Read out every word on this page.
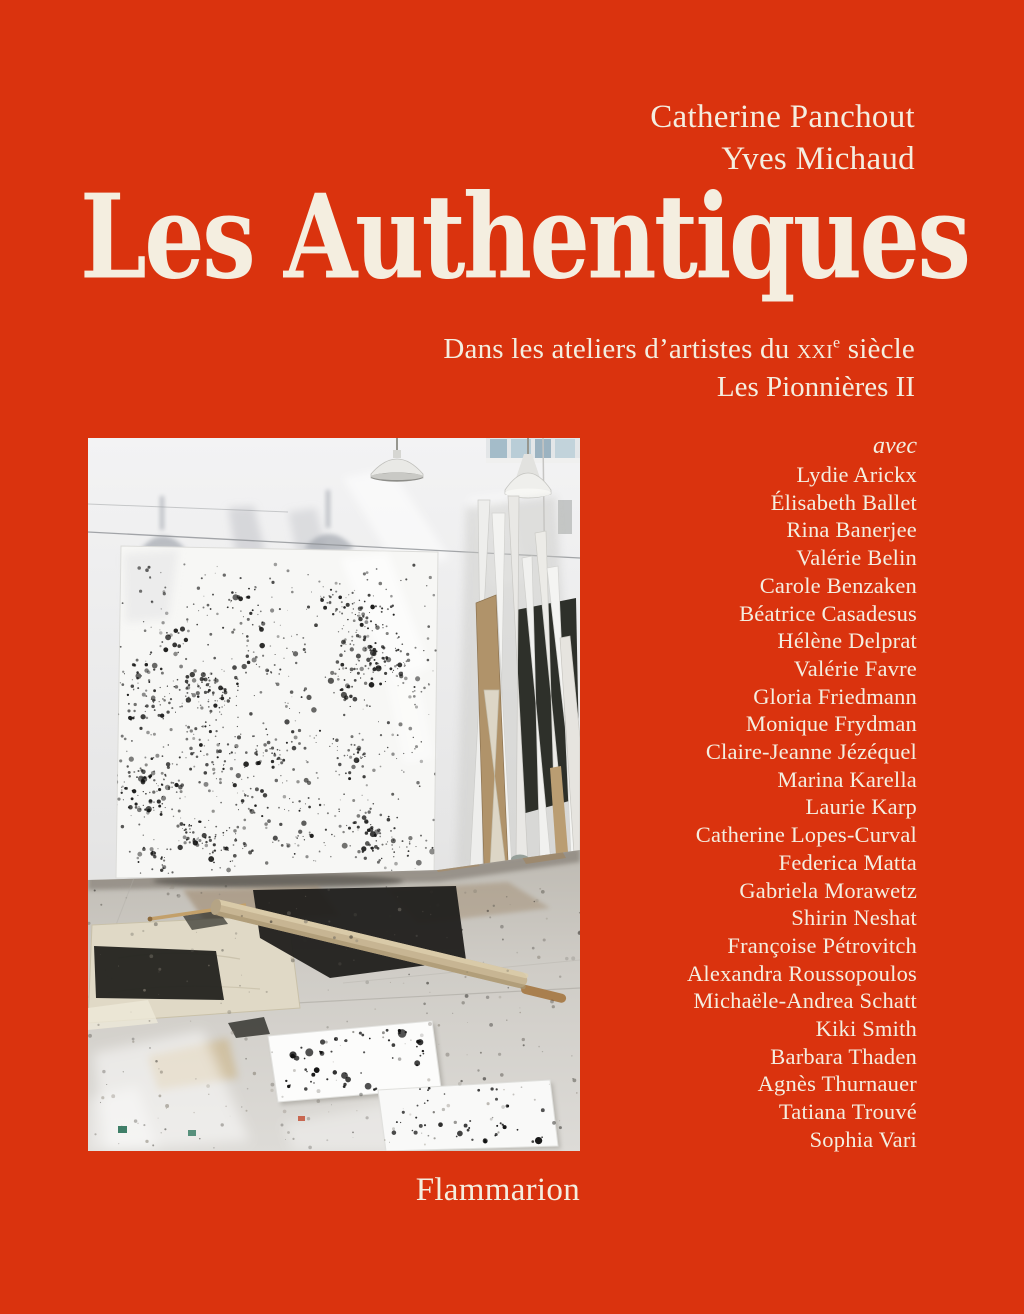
Catherine Panchout
Yves Michaud
Les Authentiques
Dans les ateliers d’artistes du xxi$^e$ siècle
Les Pionnières II
avec
Lydie Arickx
Élisabeth Ballet
Rina Banerjee
Valérie Belin
Carole Benzaken
Béatrice Casadesus
Hélène Delprat
Valérie Favre
Gloria Friedmann
Monique Frydman
Claire-Jeanne Jézéquel
Marina Karella
Laurie Karp
Catherine Lopes-Curval
Federica Matta
Gabriela Morawetz
Shirin Neshat
Françoise Pétrovitch
Alexandra Roussopoulos
Michaële-Andrea Schatt
Kiki Smith
Barbara Thaden
Agnès Thurnauer
Tatiana Trouvé
Sophia Vari
Flammarion
